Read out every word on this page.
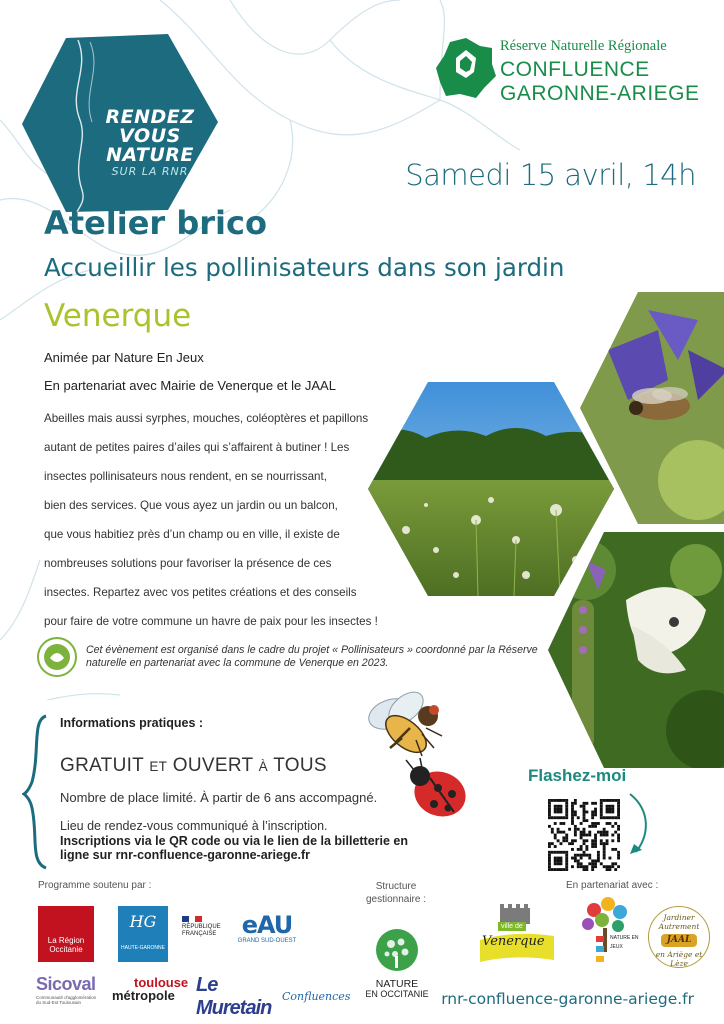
RENDEZ
VOUS
NATURE
SUR LA RNR
Réserve Naturelle Régionale
CONFLUENCE
GARONNE-ARIEGE
Samedi 15 avril, 14h
Atelier brico
Accueillir les pollinisateurs dans son jardin
Venerque
Animée par Nature En Jeux
En partenariat avec Mairie de Venerque et le JAAL

Abeilles mais aussi syrphes, mouches, coléoptères et papillons

autant de petites paires d’ailes qui s’affairent à butiner ! Les

insectes pollinisateurs nous rendent, en se nourrissant,

bien des services. Que vous ayez un jardin ou un balcon,

que vous habitiez près d’un champ ou en ville, il existe de

nombreuses solutions pour favoriser la présence de ces

insectes. Repartez avec vos petites créations et des conseils

pour faire de votre commune un havre de paix pour les insectes !

Cet évènement est organisé dans le cadre du projet « Pollinisateurs » coordonné par la Réserve naturelle en partenariat avec la commune de Venerque en 2023.
Informations pratiques :
GRATUIT ET OUVERT À TOUS
Nombre de place limité. À partir de 6 ans accompagné.
Lieu de rendez-vous communiqué à l’inscription.
Inscriptions via le QR code ou via le lien de la billetterie en ligne sur rnr-confluence-garonne-ariege.fr
Flashez-moi
Programme soutenu par :	Structure gestionnaire :
En partenariat avec :
La Région Occitanie
HG
HAUTE-GARONNE
RÉPUBLIQUE
FRANÇAISE	eAU
GRAND SUD-OUEST
Sicoval
Communauté d'agglomération du Sud-Est Toulousain
toulouse
métropole	Le Muretain
Confluences
NATURE
EN OCCITANIE
ville de
Venerque	NATURE EN JEUX
Jardiner Autrement
JAAL
en Ariège et Lèze
rnr-confluence-garonne-ariege.fr
